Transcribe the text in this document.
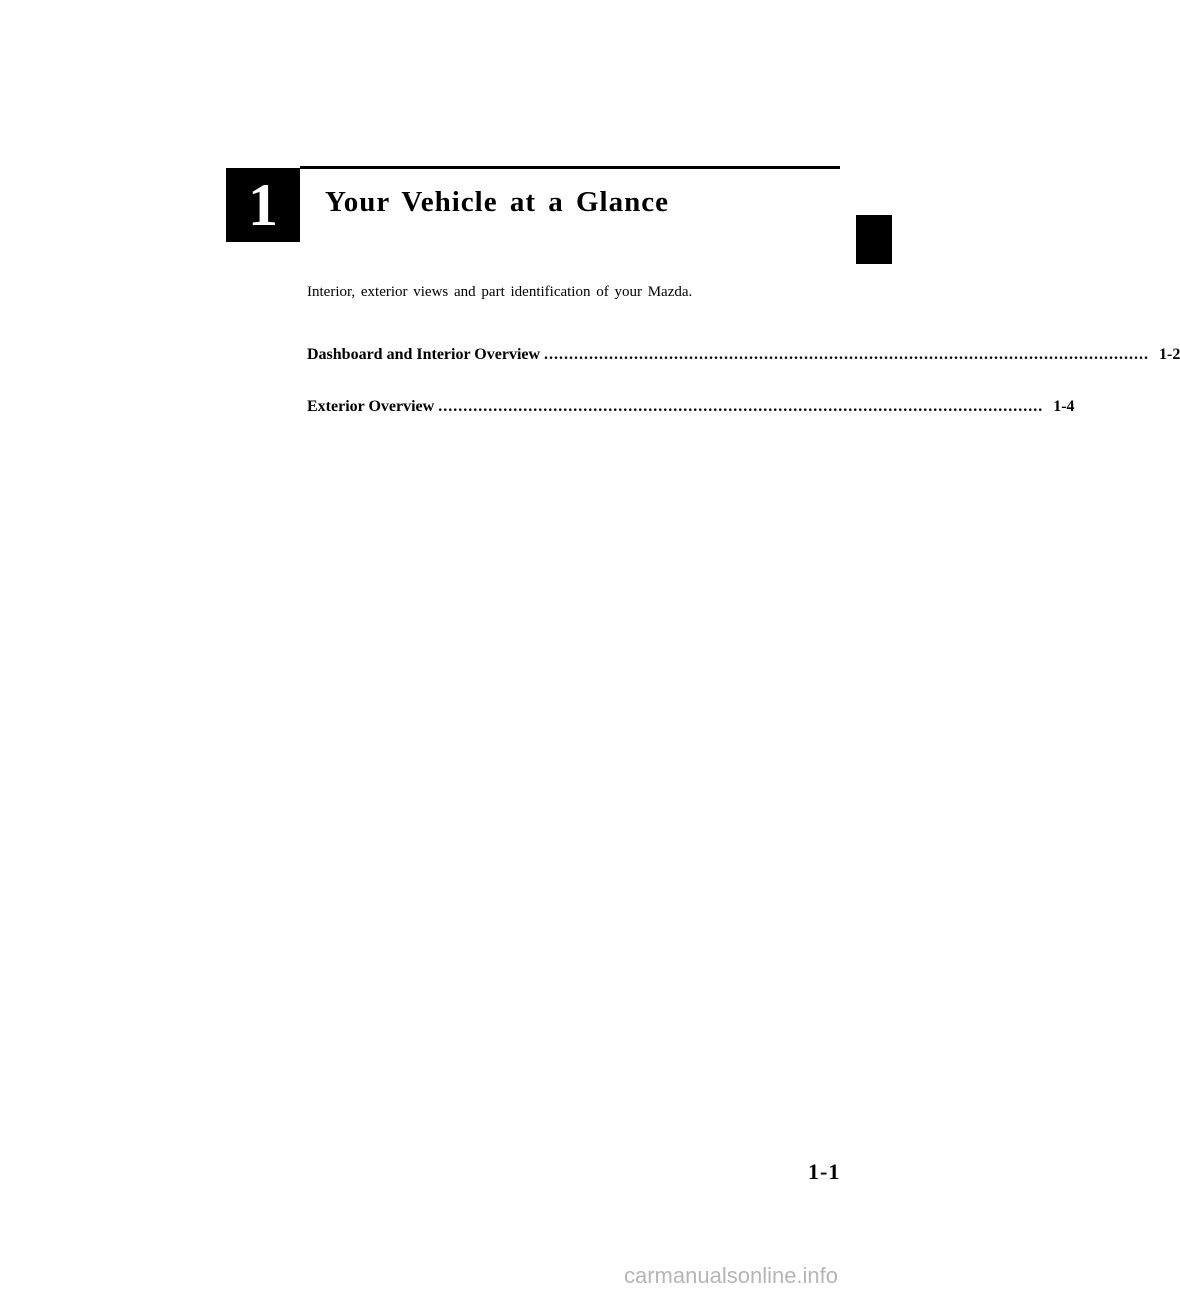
1	Your Vehicle at a Glance
Interior, exterior views and part identification of your Mazda.
Dashboard and Interior Overview ......................................................................................................................... 1-2
Exterior Overview ......................................................................................................................... 1-4
1-1
carmanualsonline.info
